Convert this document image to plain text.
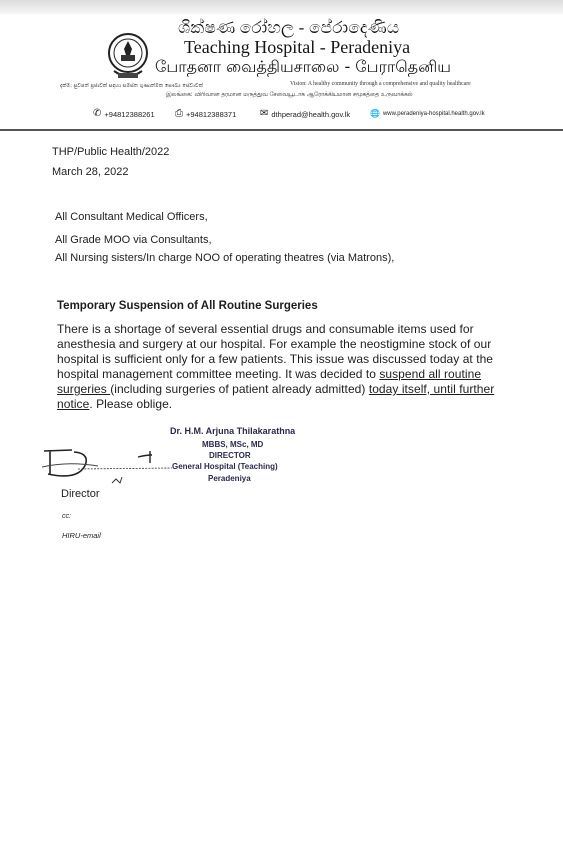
ශික්ෂණ රෝහල - පේරාදෙණිය
Teaching Hospital - Peradeniya
போதனா வைத்தியசாலை - பேராதெனிய
දැක්ම: සුවපත් ප්‍රජාවක් සඳහා සමස්ත ගුණාත්මක සෞඛ්‍ය සේවාවක්	Vision: A healthy community through a comprehensive and quality healthcare
இலங்கை: விரிவான தரமான மருத்துவ சேவையூடாக ஆரோக்கியமான சமூகத்தை உருவாக்கல்
✆ +94812388261 ⎙ +94812388371 ✉ dthperad@health.gov.lk 🌐 www.peradeniya-hospital.health.gov.lk
THP/Public Health/2022
March 28, 2022
All Consultant Medical Officers,
All Grade MOO via Consultants,
All Nursing sisters/In charge NOO of operating theatres (via Matrons),
Temporary Suspension of All Routine Surgeries
There is a shortage of several essential drugs and consumable items used for
anesthesia and surgery at our hospital. For example the neostigmine stock of our
hospital is sufficient only for a few patients. This issue was discussed today at the
hospital management committee meeting. It was decided to suspend all routine
surgeries (including surgeries of patient already admitted) today itself, until further
notice. Please oblige.
Dr. H.M. Arjuna Thilakarathna
MBBS, MSc, MD
DIRECTOR
General Hospital (Teaching)
Peradeniya
Director
cc:
HIRU-email
